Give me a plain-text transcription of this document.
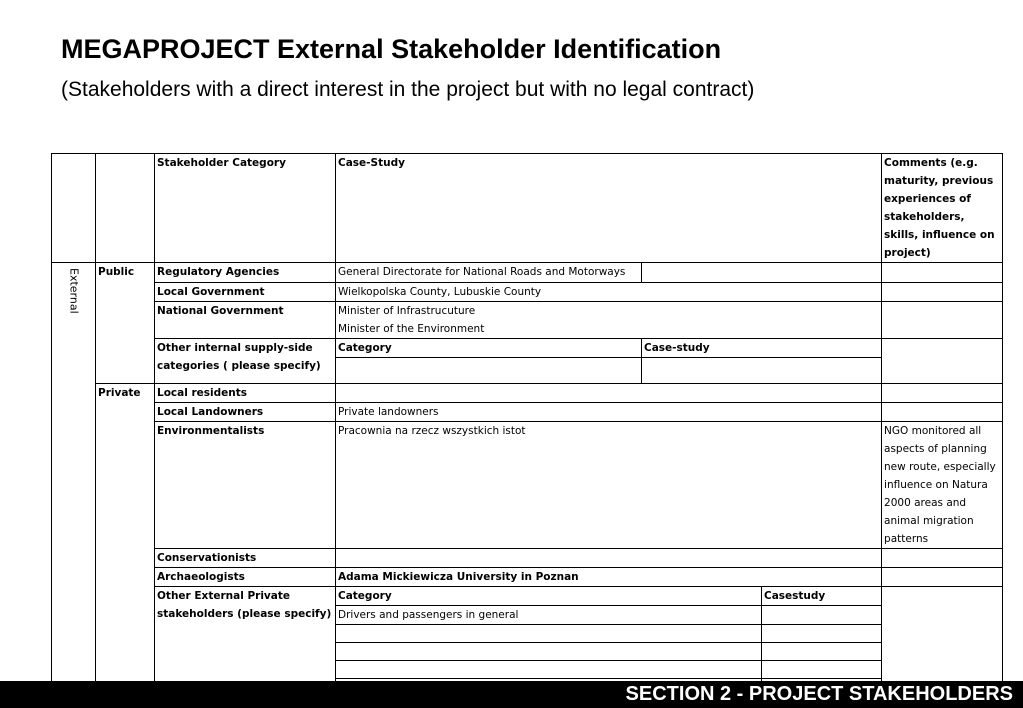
MEGAPROJECT External Stakeholder Identification
(Stakeholders with a direct interest in the project but with no legal contract)
		Stakeholder Category	Case-Study			Comments (e.g. maturity, previous experiences of stakeholders, skills, influence on project)

External	Public	Regulatory Agencies	General Directorate for National Roads and Motorways			
		Local Government	Wielkopolska County, Lubuskie County			
		National Government	Minister of Infrastrucuture
Minister of the Environment			

		Other internal supply-side categories ( please specify)	Category	Case-study		

	Private	Local residents				
		Local Landowners	Private landowners			
		Environmentalists	Pracownia na rzecz wszystkich istot			NGO monitored all aspects of planning new route, especially influence on Natura 2000 areas and animal migration patterns
		Conservationists				
		Archaeologists	Adama Mickiewicza University in Poznan			
		Other External Private stakeholders (please specify)	Category		Casestudy	
			Drivers and passengers in general			

SECTION 2 - PROJECT STAKEHOLDERS
